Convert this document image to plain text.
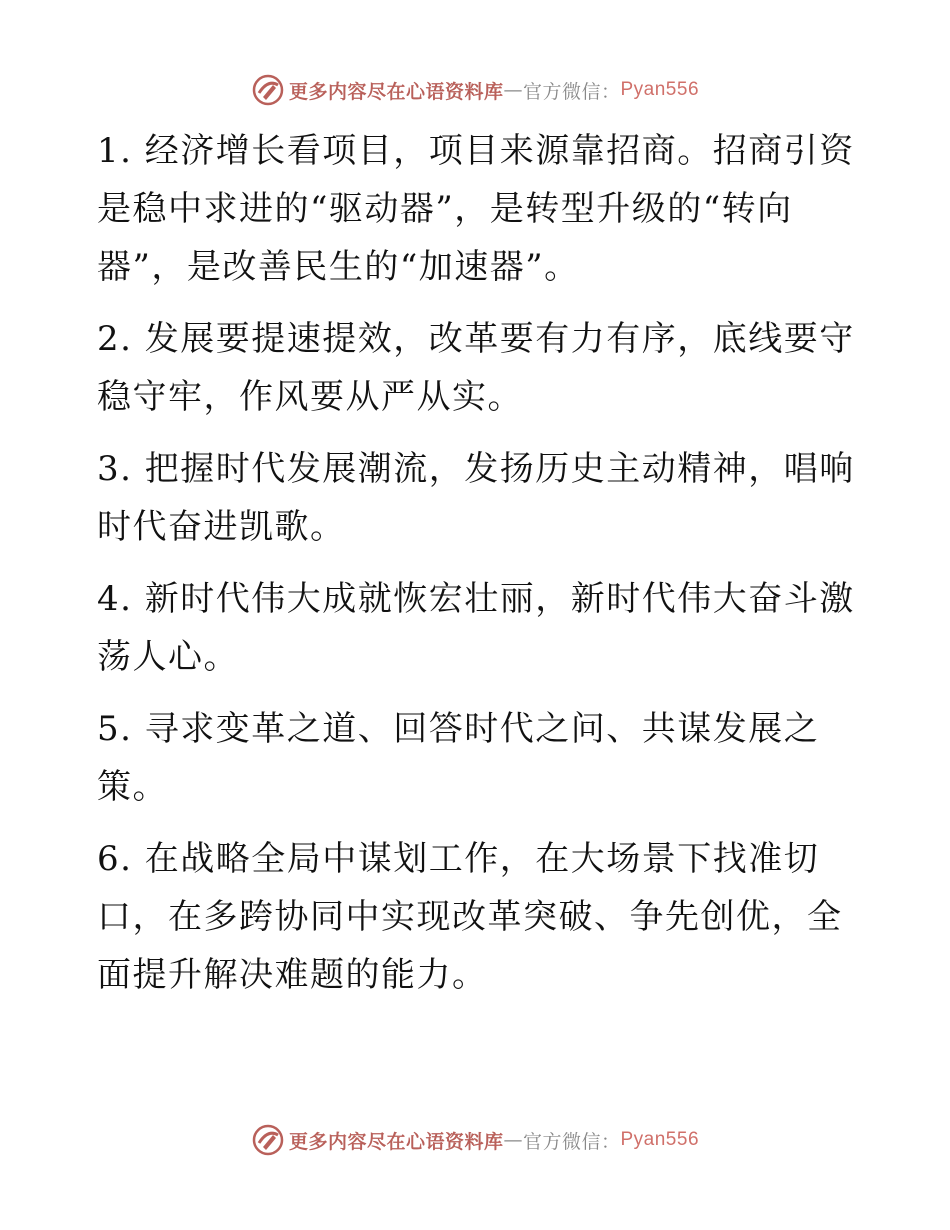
更多内容尽在心语资料库 — 官方微信： Pyan556

1. 经济增长看项目，项目来源靠招商。招商引资是稳中求进的“驱动器”，是转型升级的“转向器”，是改善民生的“加速器”。

2. 发展要提速提效，改革要有力有序，底线要守稳守牢，作风要从严从实。

3. 把握时代发展潮流，发扬历史主动精神，唱响时代奋进凯歌。

4. 新时代伟大成就恢宏壮丽，新时代伟大奋斗激荡人心。

5. 寻求变革之道、回答时代之问、共谋发展之策。

6. 在战略全局中谋划工作，在大场景下找准切口，在多跨协同中实现改革突破、争先创优，全面提升解决难题的能力。

更多内容尽在心语资料库 — 官方微信： Pyan556
